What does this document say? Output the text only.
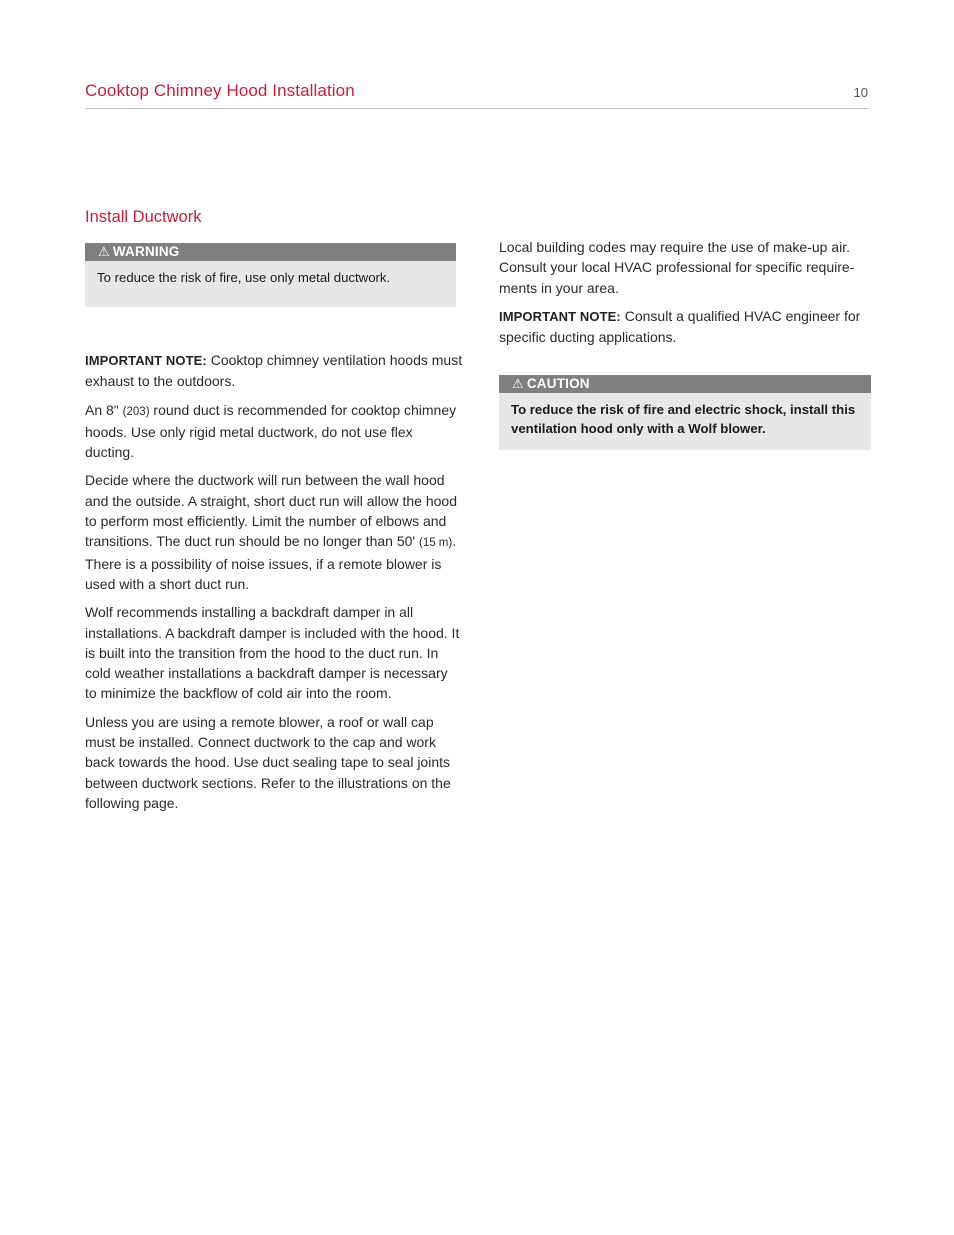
Cooktop Chimney Hood Installation	10
Install Ductwork
⚠ WARNING
To reduce the risk of fire, use only metal ductwork.

IMPORTANT NOTE: Cooktop chimney ventilation hoods must exhaust to the outdoors.

An 8" (203) round duct is recommended for cooktop chimney hoods. Use only rigid metal ductwork, do not use flex ducting.

Decide where the ductwork will run between the wall hood and the outside. A straight, short duct run will allow the hood to perform most efficiently. Limit the number of elbows and transitions. The duct run should be no longer than 50' (15 m). There is a possibility of noise issues, if a remote blower is used with a short duct run.

Wolf recommends installing a backdraft damper in all installations. A backdraft damper is included with the hood. It is built into the transition from the hood to the duct run. In cold weather installations a backdraft damper is necessary to minimize the backflow of cold air into the room.

Unless you are using a remote blower, a roof or wall cap must be installed. Connect ductwork to the cap and work back towards the hood. Use duct sealing tape to seal joints between ductwork sections. Refer to the illustrations on the following page.

Local building codes may require the use of make-up air. Consult your local HVAC professional for specific require-ments in your area.

IMPORTANT NOTE: Consult a qualified HVAC engineer for specific ducting applications.

⚠ CAUTION
To reduce the risk of fire and electric shock, install this ventilation hood only with a Wolf blower.
